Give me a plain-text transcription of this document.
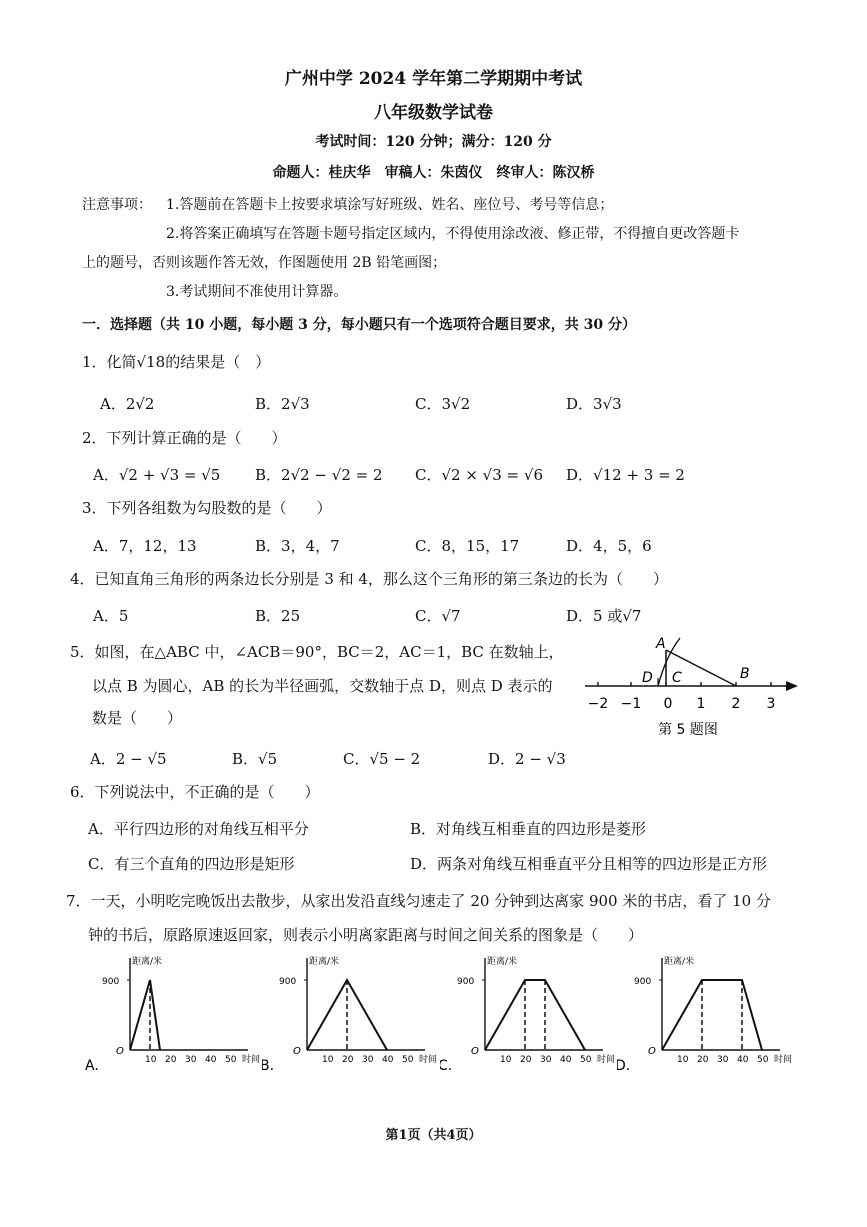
广州中学 2024 学年第二学期期中考试
八年级数学试卷
考试时间：120 分钟；满分：120 分
命题人：桂庆华　审稿人：朱茵仪　终审人：陈汉桥
注意事项： 1.答题前在答题卡上按要求填涂写好班级、姓名、座位号、考号等信息；
2.将答案正确填写在答题卡题号指定区域内，不得使用涂改液、修正带，不得擅自更改答题卡
上的题号，否则该题作答无效，作图题使用 2B 铅笔画图；
3.考试期间不准使用计算器。
一．选择题（共 10 小题，每小题 3 分，每小题只有一个选项符合题目要求，共 30 分）
1．化简√18的结果是（　）
A．2√2	B．2√3	C．3√2	D．3√3
2．下列计算正确的是（　　）
A．√2 + √3 = √5 B．2√2 − √2 = 2 C．√2 × √3 = √6 D．√12 + 3 = 2
3．下列各组数为勾股数的是（　　）
A．7，12，13	B．3，4，7	C．8，15，17	D．4，5，6
4．已知直角三角形的两条边长分别是 3 和 4，那么这个三角形的第三条边的长为（　　）
A．5	B．25	C．√7	D．5 或√7
5．如图，在△ABC 中，∠ACB＝90°，BC＝2，AC＝1，BC 在数轴上，
以点 B 为圆心，AB 的长为半径画弧，交数轴于点 D，则点 D 表示的
数是（　　）
A．2 − √5	B．√5	C．√5 − 2	D．2 − √3
A
C
D	B
−2 −1 0 1 2 3
第 5 题图
6．下列说法中，不正确的是（　　）
A．平行四边形的对角线互相平分	B．对角线互相垂直的四边形是菱形
C．有三个直角的四边形是矩形	D．两条对角线互相垂直平分且相等的四边形是正方形
7．一天，小明吃完晚饭出去散步，从家出发沿直线匀速走了 20 分钟到达离家 900 米的书店，看了 10 分
钟的书后，原路原速返回家，则表示小明离家距离与时间之间关系的图象是（　　）
距离/米
900
O
10 20 30 40 50 时间
A.
距离/米
900
O
10 20 30 40 50 时间
B.
距离/米
900
O
10 20 30 40 50 时间
C.
距离/米
900
O
10 20 30 40 50 时间
D.
第1页（共4页）
